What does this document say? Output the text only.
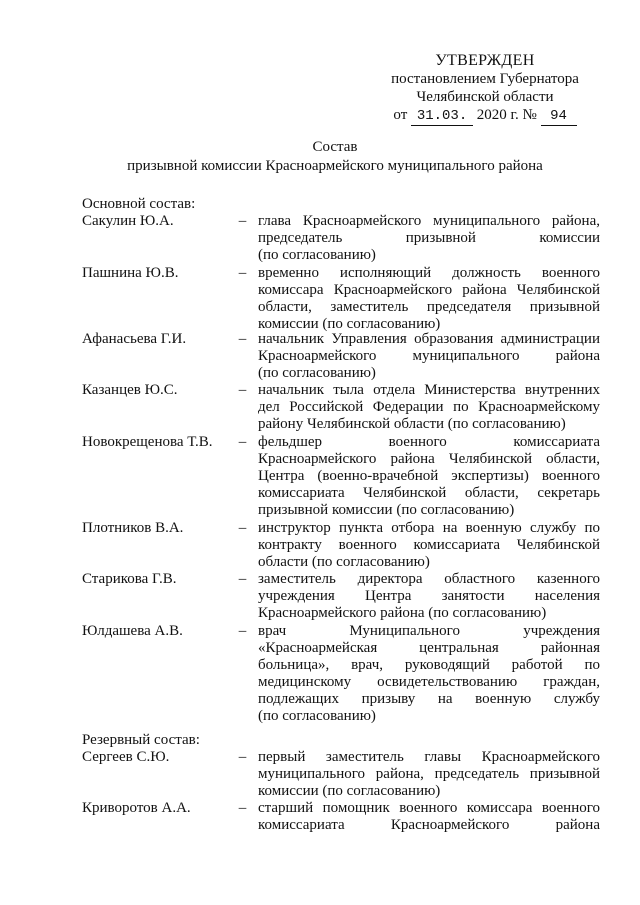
УТВЕРЖДЕН
постановлением Губернатора
Челябинской области
от 31.03. 2020 г. № 94
Состав
призывной комиссии Красноармейского муниципального района
Основной состав:
Сакулин Ю.А.	– глава Красноармейского муниципального района,
председатель призывной комиссии
(по согласованию)
Пашнина Ю.В.	– временно исполняющий должность военного
комиссара Красноармейского района Челябинской
области, заместитель председателя призывной
комиссии (по согласованию)
Афанасьева Г.И.	– начальник Управления образования администрации
Красноармейского муниципального района
(по согласованию)
Казанцев Ю.С.	– начальник тыла отдела Министерства внутренних
дел Российской Федерации по Красноармейскому
району Челябинской области (по согласованию)
Новокрещенова Т.В.	– фельдшер военного комиссариата
Красноармейского района Челябинской области,
Центра (военно-врачебной экспертизы) военного
комиссариата Челябинской области, секретарь
призывной комиссии (по согласованию)
Плотников В.А.	– инструктор пункта отбора на военную службу по
контракту военного комиссариата Челябинской
области (по согласованию)
Старикова Г.В.	– заместитель директора областного казенного
учреждения Центра занятости населения
Красноармейского района (по согласованию)
Юлдашева А.В.	– врач Муниципального учреждения
«Красноармейская центральная районная
больница», врач, руководящий работой по
медицинскому освидетельствованию граждан,
подлежащих призыву на военную службу
(по согласованию)
Резервный состав:
Сергеев С.Ю.	– первый заместитель главы Красноармейского
муниципального района, председатель призывной
комиссии (по согласованию)
Криворотов А.А.	– старший помощник военного комиссара военного
комиссариата Красноармейского района
